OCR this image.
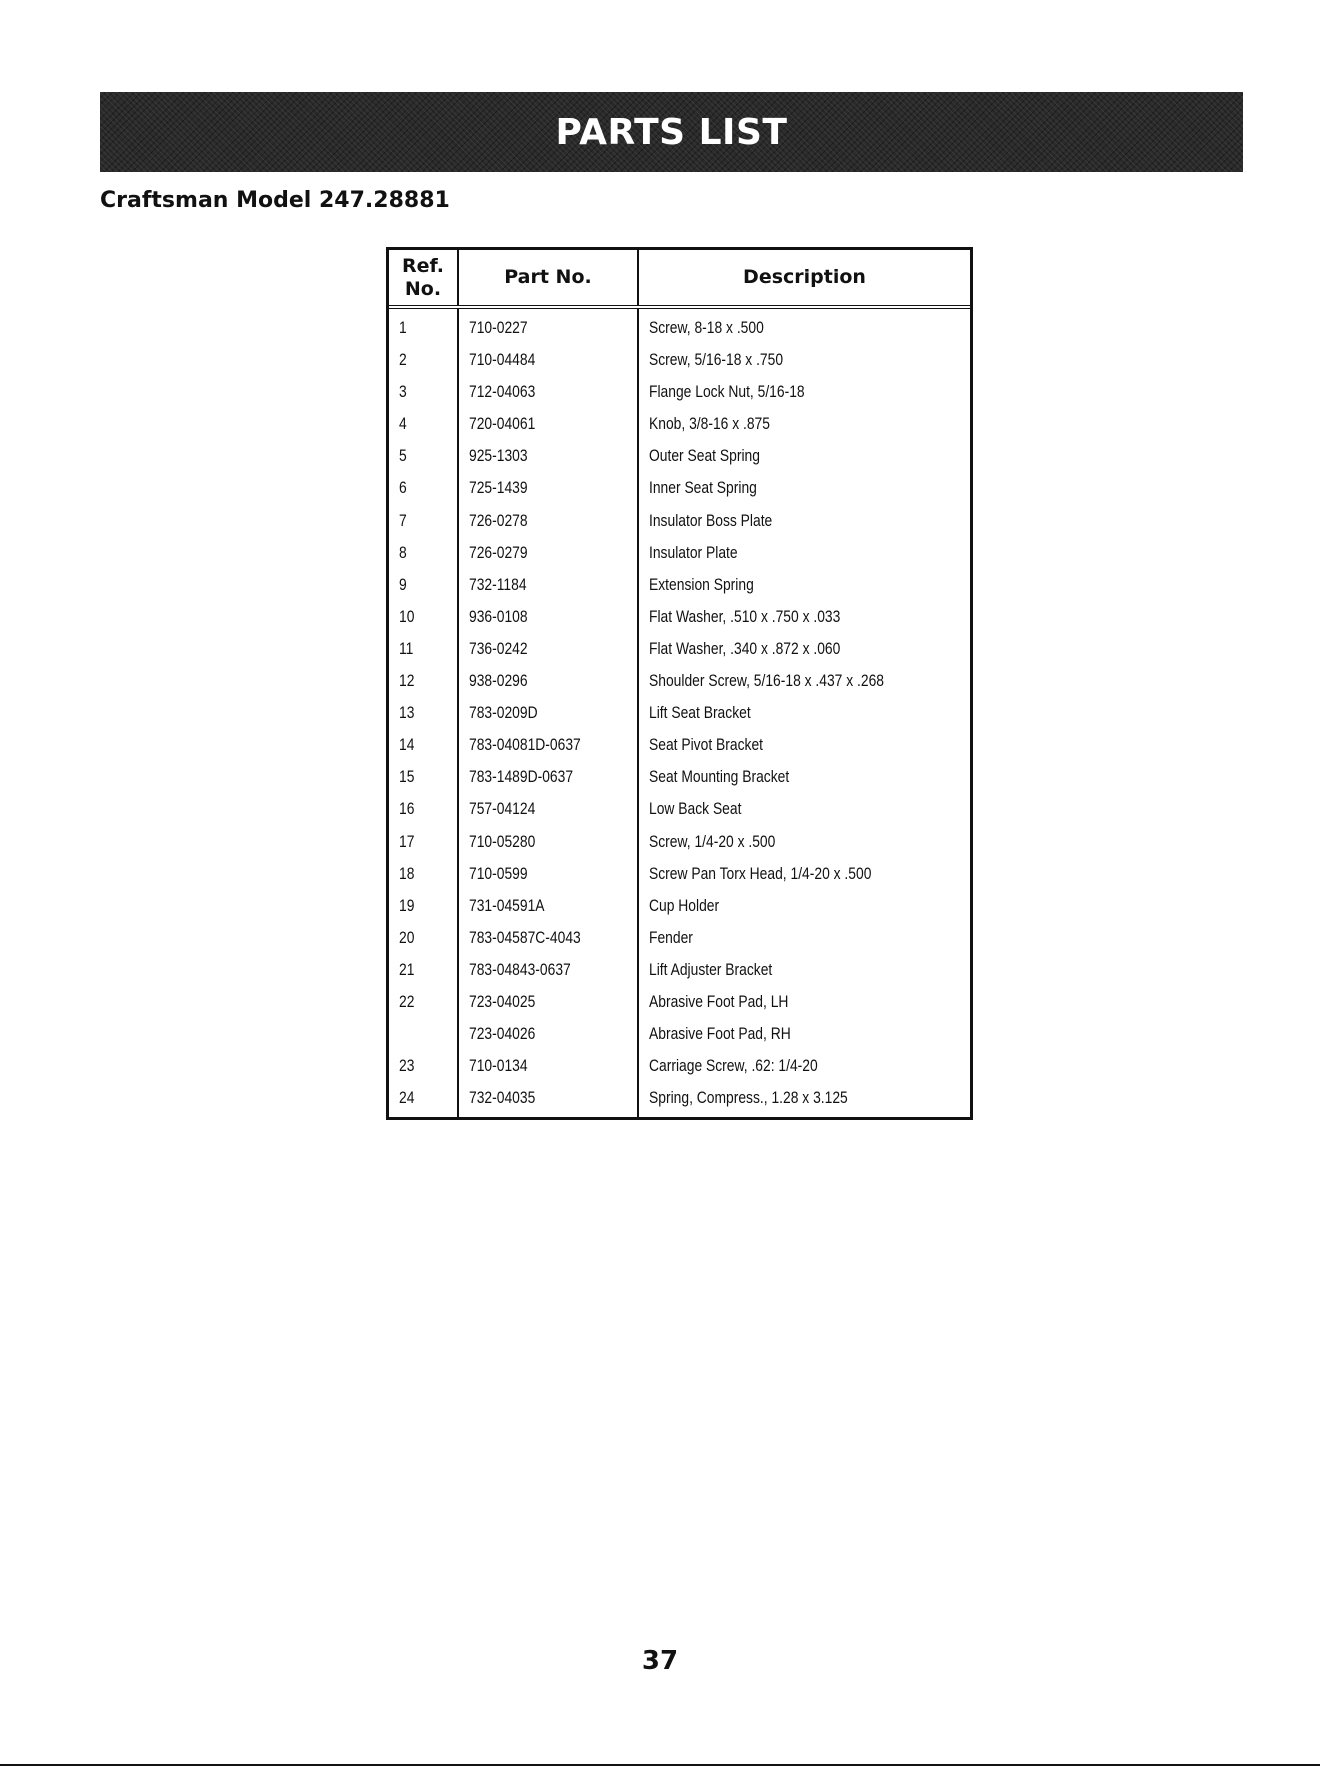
PARTS LIST
Craftsman Model 247.28881
Ref. No.
Part No.	Description
1
2
3
4
5
6
7
8
9
10
11
12
13
14
15
16
17
18
19
20
21
22
23
24
710-0227
710-04484
712-04063
720-04061
925-1303
725-1439
726-0278
726-0279
732-1184
936-0108
736-0242
938-0296
783-0209D
783-04081D-0637
783-1489D-0637
757-04124
710-05280
710-0599
731-04591A
783-04587C-4043
783-04843-0637
723-04025
723-04026
710-0134
732-04035
Screw, 8-18 x .500
Screw, 5/16-18 x .750
Flange Lock Nut, 5/16-18
Knob, 3/8-16 x .875
Outer Seat Spring
Inner Seat Spring
Insulator Boss Plate
Insulator Plate
Extension Spring
Flat Washer, .510 x .750 x .033
Flat Washer, .340 x .872 x .060
Shoulder Screw, 5/16-18 x .437 x .268
Lift Seat Bracket
Seat Pivot Bracket
Seat Mounting Bracket
Low Back Seat
Screw, 1/4-20 x .500
Screw Pan Torx Head, 1/4-20 x .500
Cup Holder
Fender
Lift Adjuster Bracket
Abrasive Foot Pad, LH
Abrasive Foot Pad, RH
Carriage Screw, .62: 1/4-20
Spring, Compress., 1.28 x 3.125
37
